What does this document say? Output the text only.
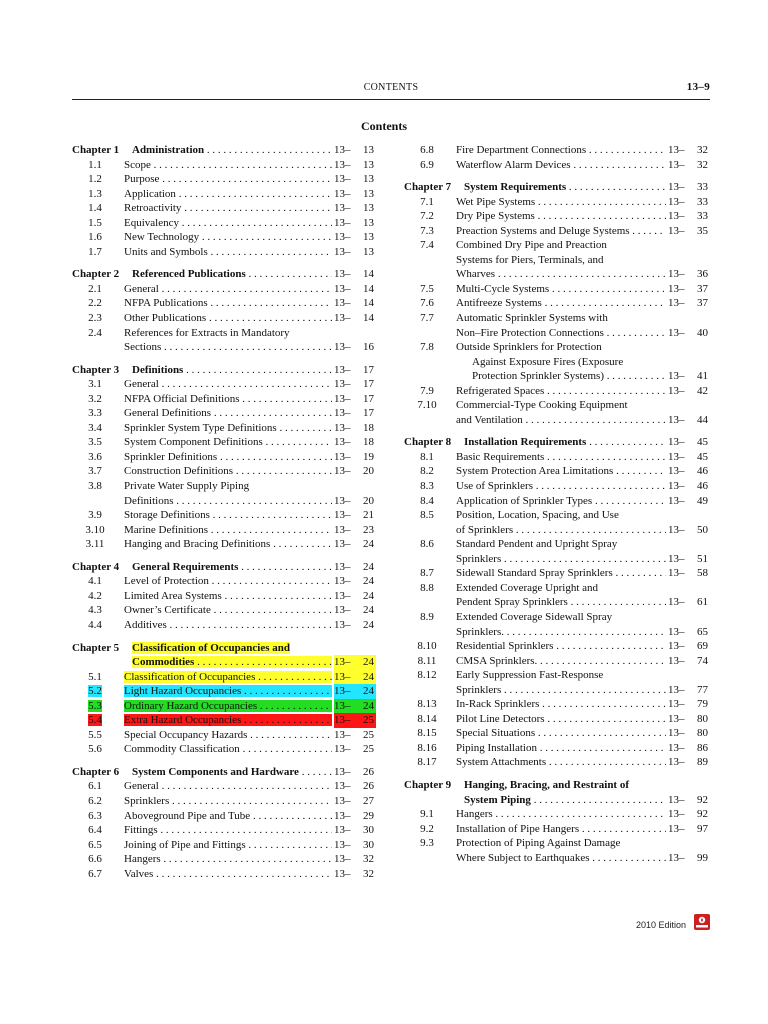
CONTENTS	13–9
Contents
Chapter 1	Administration . . .	13– 13
1.1	Scope . . .	13– 13
1.2	Purpose . . .	13– 13
1.3	Application . . .	13– 13
1.4	Retroactivity . . .	13– 13
1.5	Equivalency . . .	13– 13
1.6	New Technology . . .	13– 13
1.7	Units and Symbols . . .	13– 13
Chapter 2	Referenced Publications . . .	13– 14
2.1	General . . .	13– 14
2.2	NFPA Publications . . .	13– 14
2.3	Other Publications . . .	13– 14
2.4	References for Extracts in Mandatory
Sections . . .	13– 16
Chapter 3	Definitions . . .	13– 17
3.1	General . . .	13– 17
3.2	NFPA Official Definitions . . .	13– 17
3.3	General Definitions . . .	13– 17
3.4	Sprinkler System Type Definitions . . .	13– 18
3.5	System Component Definitions . . .	13– 18
3.6	Sprinkler Definitions . . .	13– 19
3.7	Construction Definitions . . .	13– 20
3.8	Private Water Supply Piping
Definitions . . .	13– 20
3.9	Storage Definitions . . .	13– 21
3.10	Marine Definitions . . .	13– 23
3.11	Hanging and Bracing Definitions . . .	13– 24
Chapter 4	General Requirements . . .	13– 24
4.1	Level of Protection . . .	13– 24
4.2	Limited Area Systems . . .	13– 24
4.3	Owner’s Certificate . . .	13– 24
4.4	Additives . . .	13– 24
Chapter 5	Classification of Occupancies and
Commodities . . .	13– 24
5.1	Classification of Occupancies . . .	13– 24
5.2	Light Hazard Occupancies . . .	13– 24
5.3	Ordinary Hazard Occupancies . . .	13– 24
5.4	Extra Hazard Occupancies . . .	13– 25
5.5	Special Occupancy Hazards . . .	13– 25
5.6	Commodity Classification . . .	13– 25
Chapter 6	System Components and Hardware . . .	13– 26
6.1	General . . .	13– 26
6.2	Sprinklers . . .	13– 27
6.3	Aboveground Pipe and Tube . . .	13– 29
6.4	Fittings . . .	13– 30
6.5	Joining of Pipe and Fittings . . .	13– 30
6.6	Hangers . . .	13– 32
6.7	Valves . . .	13– 32
6.8	Fire Department Connections . . .	13– 32
6.9	Waterflow Alarm Devices . . .	13– 32
Chapter 7	System Requirements . . .	13– 33
7.1	Wet Pipe Systems . . .	13– 33
7.2	Dry Pipe Systems . . .	13– 33
7.3	Preaction Systems and Deluge Systems . . .	13– 35
7.4	Combined Dry Pipe and Preaction
Systems for Piers, Terminals, and
Wharves . . .	13– 36
7.5	Multi-Cycle Systems . . .	13– 37
7.6	Antifreeze Systems . . .	13– 37
7.7	Automatic Sprinkler Systems with
Non–Fire Protection Connections . . .	13– 40
7.8	Outside Sprinklers for Protection
Against Exposure Fires (Exposure
Protection Sprinkler Systems) . . .	13– 41
7.9	Refrigerated Spaces . . .	13– 42
7.10	Commercial-Type Cooking Equipment
and Ventilation . . .	13– 44
Chapter 8	Installation Requirements . . .	13– 45
8.1	Basic Requirements . . .	13– 45
8.2	System Protection Area Limitations . . .	13– 46
8.3	Use of Sprinklers . . .	13– 46
8.4	Application of Sprinkler Types . . .	13– 49
8.5	Position, Location, Spacing, and Use
of Sprinklers . . .	13– 50
8.6	Standard Pendent and Upright Spray
Sprinklers . . .	13– 51
8.7	Sidewall Standard Spray Sprinklers . . .	13– 58
8.8	Extended Coverage Upright and
Pendent Spray Sprinklers . . .	13– 61
8.9	Extended Coverage Sidewall Spray
Sprinklers. . . .	13– 65
8.10	Residential Sprinklers . . .	13– 69
8.11	CMSA Sprinklers. . . .	13– 74
8.12	Early Suppression Fast-Response
Sprinklers . . .	13– 77
8.13	In-Rack Sprinklers . . .	13– 79
8.14	Pilot Line Detectors . . .	13– 80
8.15	Special Situations . . .	13– 80
8.16	Piping Installation . . .	13– 86
8.17	System Attachments . . .	13– 89
Chapter 9	Hanging, Bracing, and Restraint of
System Piping . . .	13– 92
9.1	Hangers . . .	13– 92
9.2	Installation of Pipe Hangers . . .	13– 97
9.3	Protection of Piping Against Damage
Where Subject to Earthquakes . . .	13– 99
2010 Edition
